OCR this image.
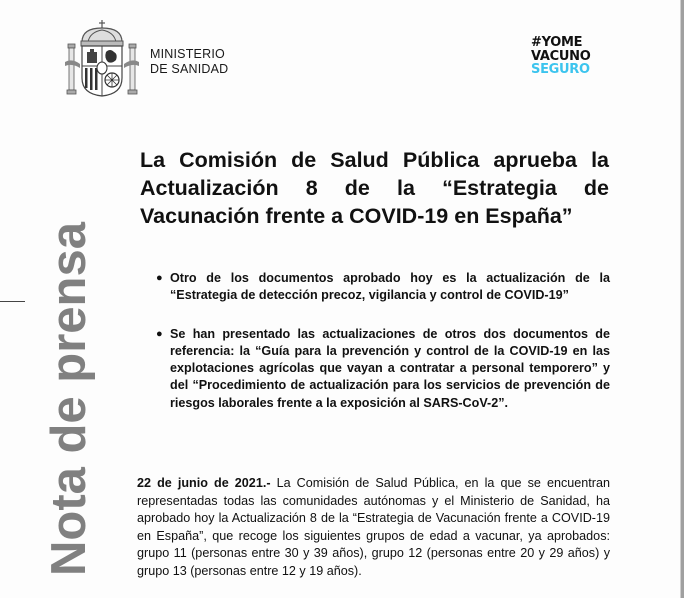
MINISTERIO
DE SANIDAD
#YOME
VACUNO
SEGURO
La Comisión de Salud Pública aprueba la Actualización 8 de la “Estrategia de Vacunación frente a COVID-19 en España”
Nota de prensa	● Otro de los documentos aprobado hoy es la actualización de la “Estrategia de detección precoz, vigilancia y control de COVID-19”
● Se han presentado las actualizaciones de otros dos documentos de referencia: la “Guía para la prevención y control de la COVID-19 en las explotaciones agrícolas que vayan a contratar a personal temporero” y del “Procedimiento de actualización para los servicios de prevención de riesgos laborales frente a la exposición al SARS-CoV-2”.
22 de junio de 2021.- La Comisión de Salud Pública, en la que se encuentran representadas todas las comunidades autónomas y el Ministerio de Sanidad, ha aprobado hoy la Actualización 8 de la “Estrategia de Vacunación frente a COVID-19 en España”, que recoge los siguientes grupos de edad a vacunar, ya aprobados: grupo 11 (personas entre 30 y 39 años), grupo 12 (personas entre 20 y 29 años) y grupo 13 (personas entre 12 y 19 años).
